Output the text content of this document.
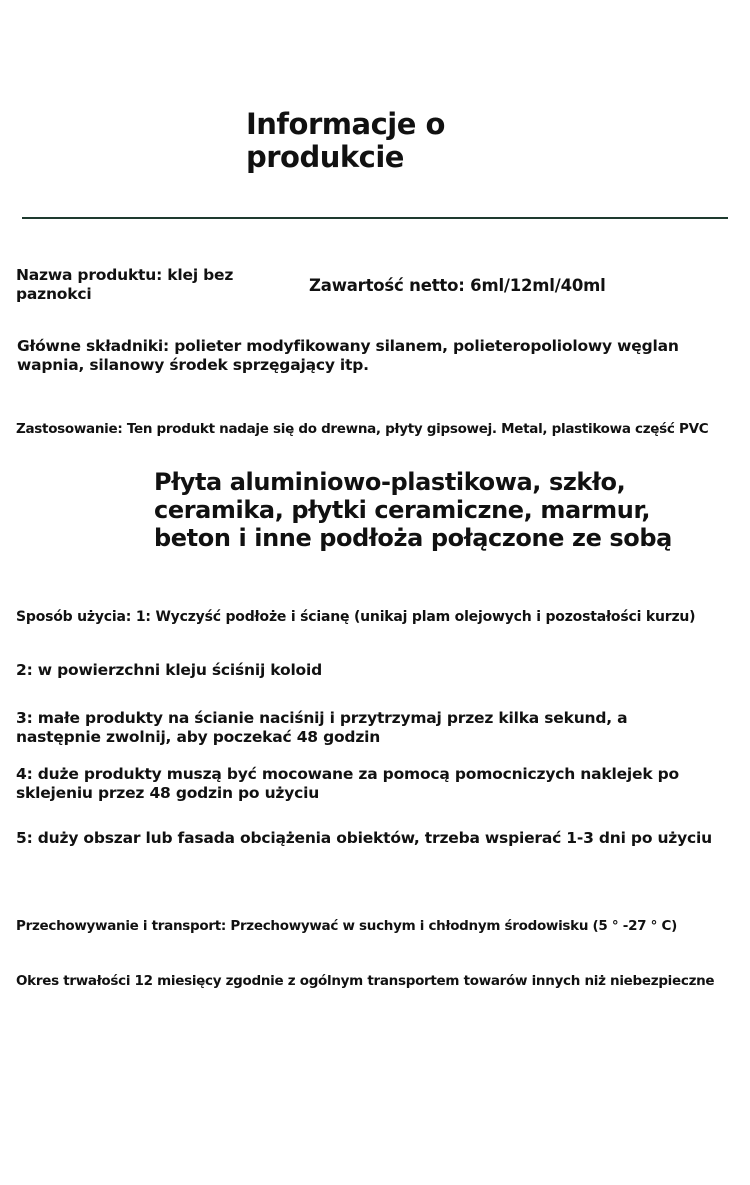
Informacje o produkcie

Nazwa produktu: klej bez paznokci	Zawartość netto: 6ml/12ml/40ml

Główne składniki: polieter modyfikowany silanem, polieteropoliolowy węglan wapnia, silanowy środek sprzęgający itp.

Zastosowanie: Ten produkt nadaje się do drewna, płyty gipsowej. Metal, plastikowa część PVC

Płyta aluminiowo-plastikowa, szkło, ceramika, płytki ceramiczne, marmur, beton i inne podłoża połączone ze sobą

Sposób użycia: 1: Wyczyść podłoże i ścianę (unikaj plam olejowych i pozostałości kurzu)

2: w powierzchni kleju ściśnij koloid

3: małe produkty na ścianie naciśnij i przytrzymaj przez kilka sekund, a następnie zwolnij, aby poczekać 48 godzin

4: duże produkty muszą być mocowane za pomocą pomocniczych naklejek po sklejeniu przez 48 godzin po użyciu

5: duży obszar lub fasada obciążenia obiektów, trzeba wspierać 1-3 dni po użyciu

Przechowywanie i transport: Przechowywać w suchym i chłodnym środowisku (5 ° -27 ° C)

Okres trwałości 12 miesięcy zgodnie z ogólnym transportem towarów innych niż niebezpieczne
